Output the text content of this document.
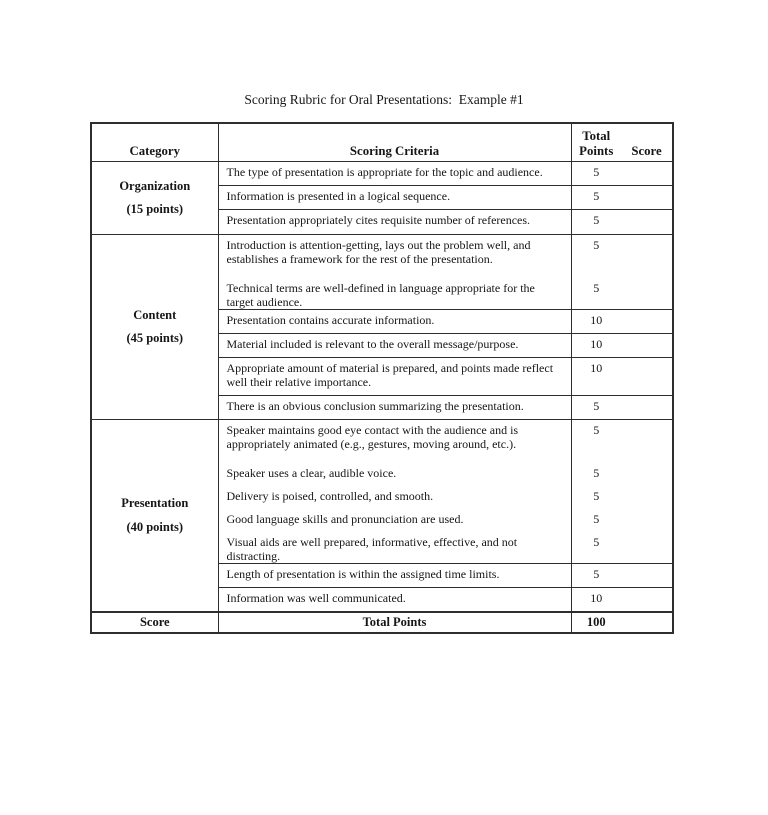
Scoring Rubric for Oral Presentations:  Example #1
Category	Scoring Criteria	Total Points	Score

Organization
(15 points)	The type of presentation is appropriate for the topic and audience.	5	
	Information is presented in a logical sequence.	5	
	Presentation appropriately cites requisite number of references.	5	

Content
(45 points)	Introduction is attention-getting, lays out the problem well, and establishes a framework for the rest of the presentation.	5	
	Technical terms are well-defined in language appropriate for the target audience.	5	
	Presentation contains accurate information.	10	
	Material included is relevant to the overall message/purpose.	10	
	Appropriate amount of material is prepared, and points made reflect well their relative importance.	10	
	There is an obvious conclusion summarizing the presentation.	5	

Presentation
(40 points)	Speaker maintains good eye contact with the audience and is appropriately animated (e.g., gestures, moving around, etc.).	5	
	Speaker uses a clear, audible voice.	5	
	Delivery is poised, controlled, and smooth.	5	
	Good language skills and pronunciation are used.	5	
	Visual aids are well prepared, informative, effective, and not distracting.	5	
	Length of presentation is within the assigned time limits.	5	
	Information was well communicated.	10	
Score	Total Points	100	
